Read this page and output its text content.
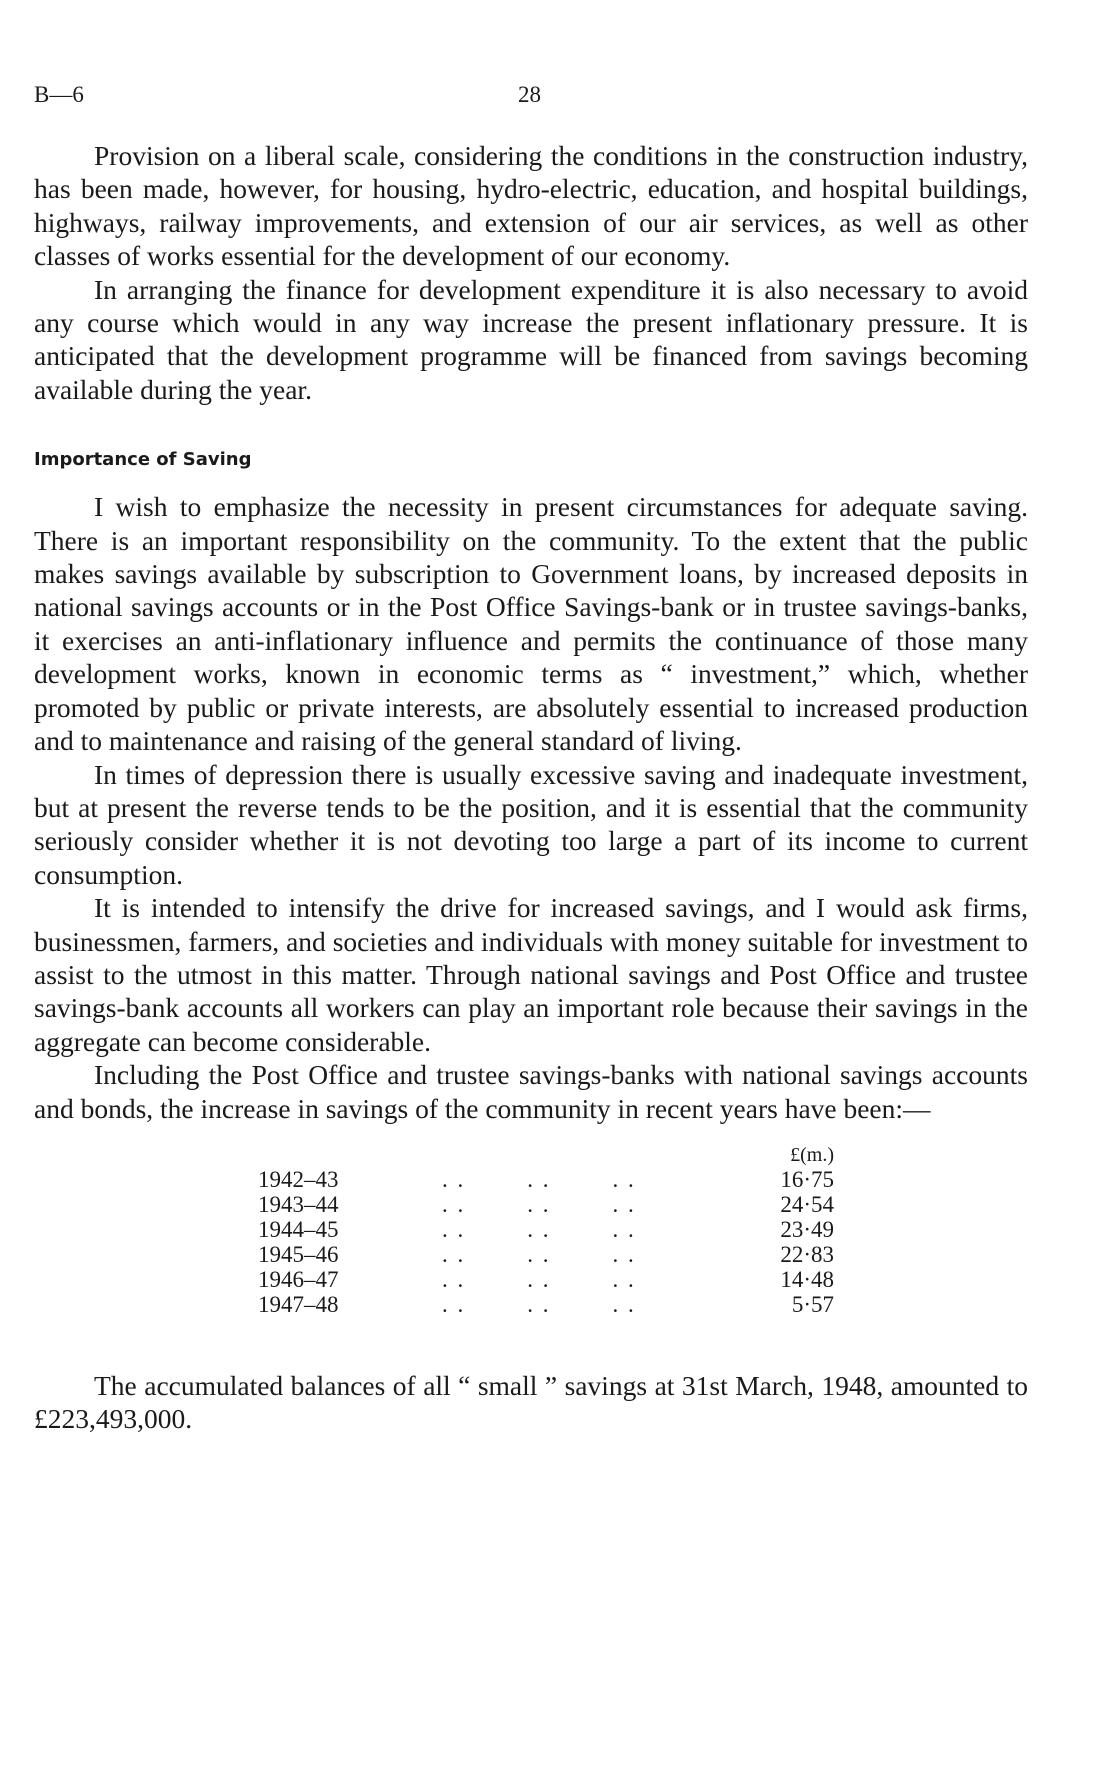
B—6	28

Provision on a liberal scale, considering the conditions in the construction industry, has been made, however, for housing, hydro-electric, education, and hospital buildings, highways, railway improvements, and extension of our air services, as well as other classes of works essential for the development of our economy.

In arranging the finance for development expenditure it is also necessary to avoid any course which would in any way increase the present inflationary pressure. It is anticipated that the development programme will be financed from savings becoming available during the year.

Importance of Saving

I wish to emphasize the necessity in present circumstances for adequate saving. There is an important responsibility on the community. To the extent that the public makes savings available by subscription to Government loans, by increased deposits in national savings accounts or in the Post Office Savings-bank or in trustee savings-banks, it exercises an anti-inflationary influence and permits the continuance of those many development works, known in economic terms as “ investment,” which, whether promoted by public or private interests, are absolutely essential to increased production and to maintenance and raising of the general standard of living.

In times of depression there is usually excessive saving and inadequate investment, but at present the reverse tends to be the position, and it is essential that the community seriously consider whether it is not devoting too large a part of its income to current consumption.

It is intended to intensify the drive for increased savings, and I would ask firms, businessmen, farmers, and societies and individuals with money suitable for investment to assist to the utmost in this matter. Through national savings and Post Office and trustee savings-bank accounts all workers can play an important role because their savings in the aggregate can become considerable.

Including the Post Office and trustee savings-banks with national savings accounts and bonds, the increase in savings of the community in recent years have been:—

£(m.)
1942–43	. .        . .        . .	16·75
1943–44	. .        . .        . .	24·54
1944–45	. .        . .        . .	23·49
1945–46	. .        . .        . .	22·83
1946–47	. .        . .        . .	14·48
1947–48	. .        . .        . .	5·57

The accumulated balances of all “ small ” savings at 31st March, 1948, amounted to £223,493,000.
